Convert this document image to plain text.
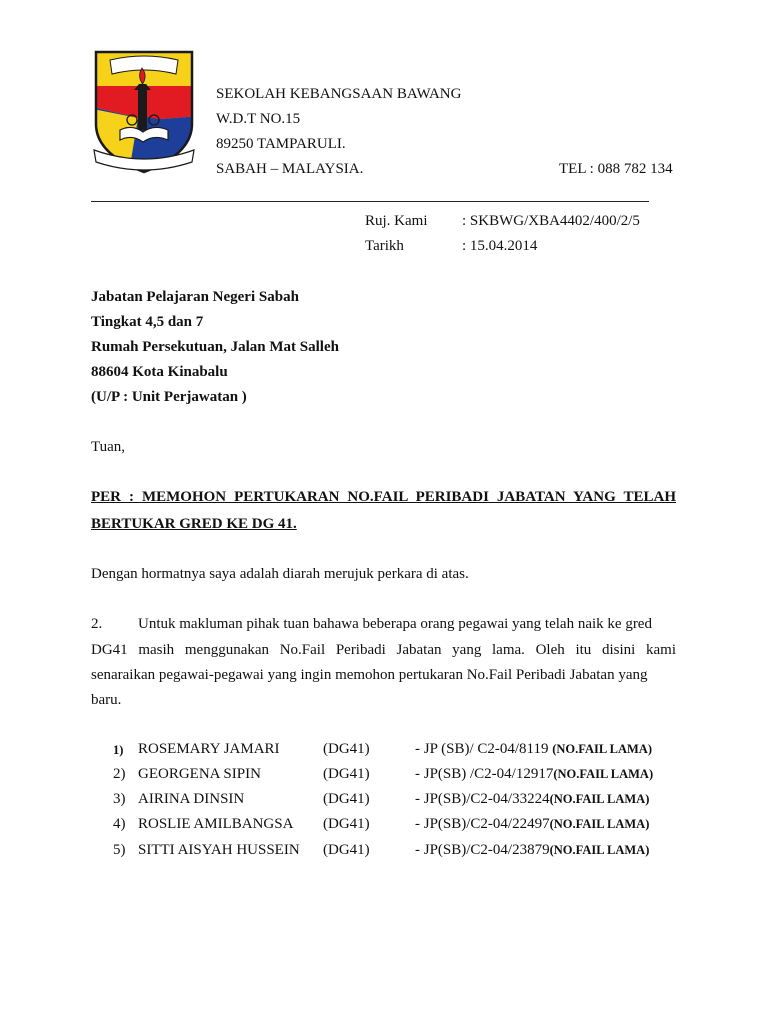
SEKOLAH KEBANGSAAN BAWANG
W.D.T NO.15
89250 TAMPARULI.
SABAH – MALAYSIA.	TEL : 088 782 134
Ruj. Kami : SKBWG/XBA4402/400/2/5
Tarikh	: 15.04.2014
Jabatan Pelajaran Negeri Sabah
Tingkat 4,5 dan 7
Rumah Persekutuan, Jalan Mat Salleh
88604 Kota Kinabalu
(U/P : Unit Perjawatan )
Tuan,
PER : MEMOHON PERTUKARAN NO.FAIL PERIBADI JABATAN YANG TELAH
BERTUKAR GRED KE DG 41.
Dengan hormatnya saya adalah diarah merujuk perkara di atas.
2. Untuk makluman pihak tuan bahawa beberapa orang pegawai yang telah naik ke gred
DG41 masih menggunakan No.Fail Peribadi Jabatan yang lama. Oleh itu disini kami
senaraikan pegawai-pegawai yang ingin memohon pertukaran No.Fail Peribadi Jabatan yang
baru.
1) ROSEMARY JAMARI	(DG41)	- JP (SB)/ C2-04/8119 (NO.FAIL LAMA)
2) GEORGENA SIPIN	(DG41)	- JP(SB) /C2-04/12917(NO.FAIL LAMA)
3) AIRINA DINSIN	(DG41)	- JP(SB)/C2-04/33224(NO.FAIL LAMA)
4) ROSLIE AMILBANGSA (DG41)	- JP(SB)/C2-04/22497(NO.FAIL LAMA)
5) SITTI AISYAH HUSSEIN (DG41)	- JP(SB)/C2-04/23879(NO.FAIL LAMA)
